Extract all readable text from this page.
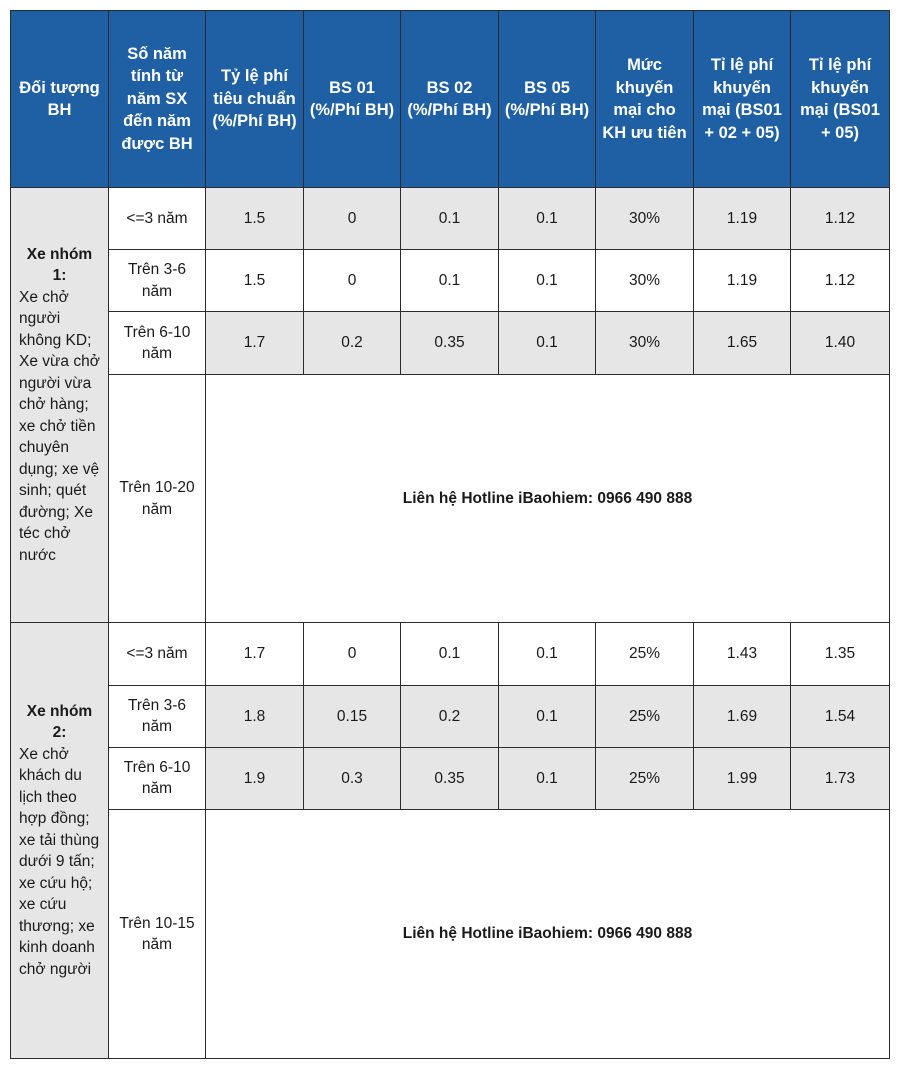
Đối tượng BH	Số năm tính từ năm SX đến năm được BH	Tỷ lệ phí tiêu chuẩn (%/Phí BH)	BS 01 (%/Phí BH)	BS 02 (%/Phí BH)	BS 05 (%/Phí BH)	Mức khuyến mại cho KH ưu tiên	Tỉ lệ phí khuyến mại (BS01 + 02 + 05)	Tỉ lệ phí khuyến mại (BS01 + 05)

Xe nhóm 1:
Xe chở người không KD; Xe vừa chở người vừa chở hàng; xe chở tiền chuyên dụng; xe vệ sinh; quét đường; Xe téc chở nước	<=3 năm	1.5	0	0.1	0.1	30%	1.19	1.12
	Trên 3-6 năm	1.5	0	0.1	0.1	30%	1.19	1.12
	Trên 6-10 năm	1.7	0.2	0.35	0.1	30%	1.65	1.40
	Trên 10-20 năm	Liên hệ Hotline iBaohiem: 0966 490 888						

Xe nhóm 2:
Xe chở khách du lịch theo hợp đồng; xe tải thùng dưới 9 tấn; xe cứu hộ; xe cứu thương; xe kinh doanh chở người	<=3 năm	1.7	0	0.1	0.1	25%	1.43	1.35
	Trên 3-6 năm	1.8	0.15	0.2	0.1	25%	1.69	1.54
	Trên 6-10 năm	1.9	0.3	0.35	0.1	25%	1.99	1.73
	Trên 10-15 năm	Liên hệ Hotline iBaohiem: 0966 490 888						
